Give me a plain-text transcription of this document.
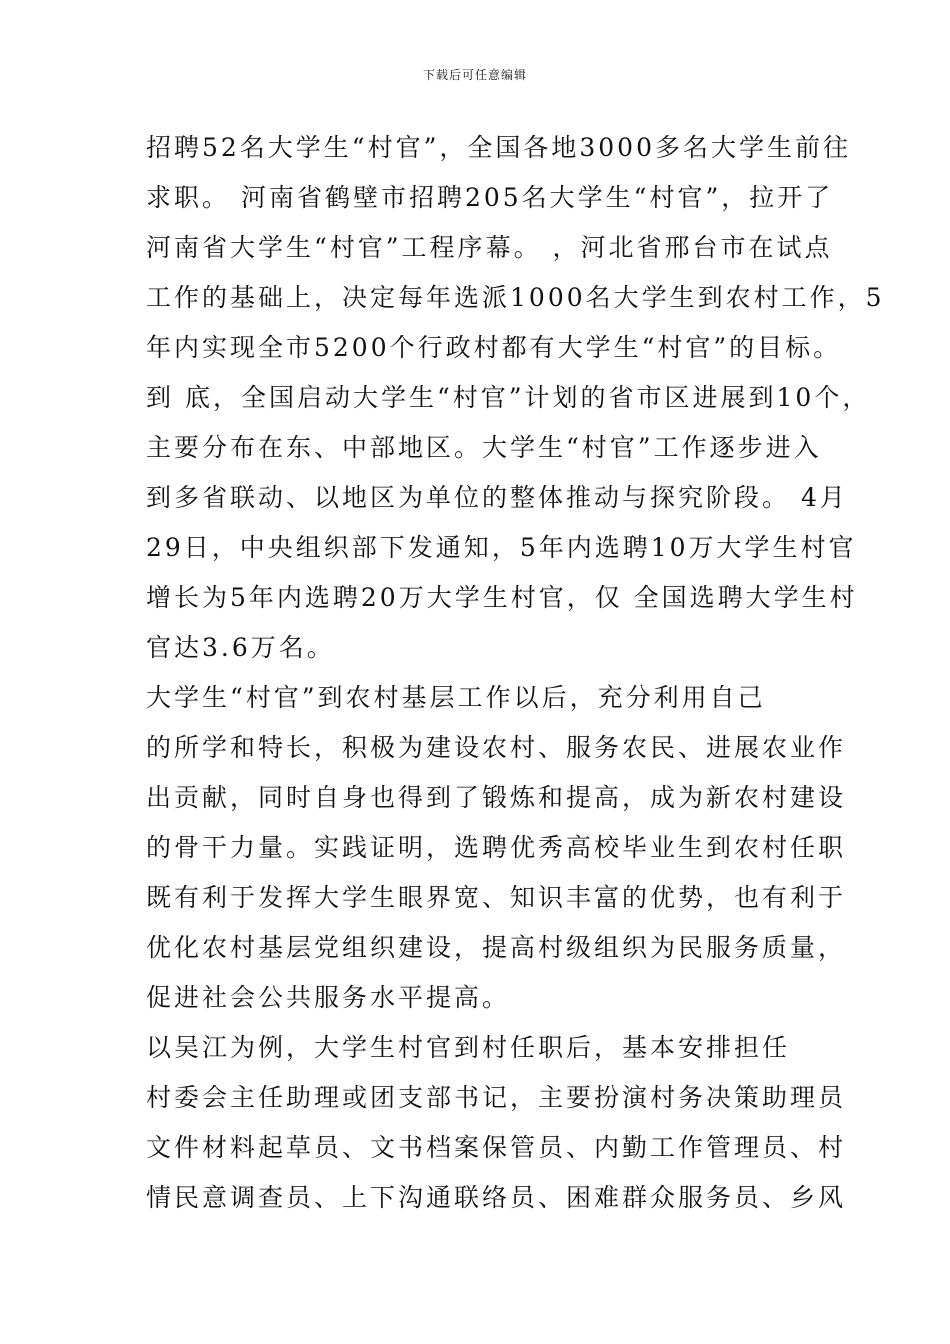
下载后可任意编辑
招聘52名大学生“村官”，全国各地3000多名大学生前往
求职。 河南省鹤壁市招聘205名大学生“村官”，拉开了
河南省大学生“村官”工程序幕。 ，河北省邢台市在试点
工作的基础上，决定每年选派1000名大学生到农村工作，5
年内实现全市5200个行政村都有大学生“村官”的目标。
到 底，全国启动大学生“村官”计划的省市区进展到10个，
主要分布在东、中部地区。大学生“村官”工作逐步进入
到多省联动、以地区为单位的整体推动与探究阶段。 4月
29日，中央组织部下发通知，5年内选聘10万大学生村官
增长为5年内选聘20万大学生村官，仅 全国选聘大学生村
官达3.6万名。
大学生“村官”到农村基层工作以后，充分利用自己
的所学和特长，积极为建设农村、服务农民、进展农业作
出贡献，同时自身也得到了锻炼和提高，成为新农村建设
的骨干力量。实践证明，选聘优秀高校毕业生到农村任职
既有利于发挥大学生眼界宽、知识丰富的优势，也有利于
优化农村基层党组织建设，提高村级组织为民服务质量，
促进社会公共服务水平提高。
以吴江为例，大学生村官到村任职后，基本安排担任
村委会主任助理或团支部书记，主要扮演村务决策助理员
文件材料起草员、文书档案保管员、内勤工作管理员、村
情民意调查员、上下沟通联络员、困难群众服务员、乡风
